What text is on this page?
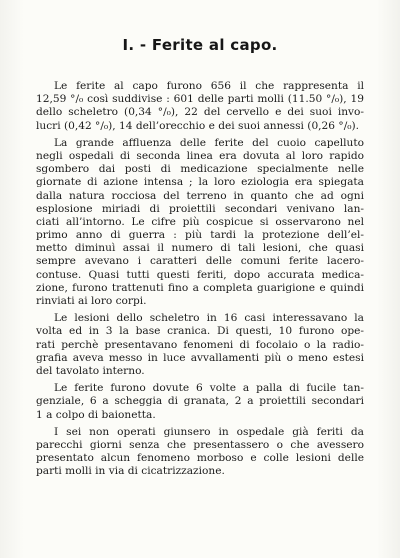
I. - Ferite al capo.
Le ferite al capo furono 656 il che rappresenta il
12,59 °/₀ così suddivise : 601 delle parti molli (11.50 °/₀), 19
dello scheletro (0,34 °/₀), 22 del cervello e dei suoi invo-
lucri (0,42 °/₀), 14 dell’orecchio e dei suoi annessi (0,26 °/₀).
La grande affluenza delle ferite del cuoio capelluto
negli ospedali di seconda linea era dovuta al loro rapido
sgombero dai posti di medicazione specialmente nelle
giornate di azione intensa ; la loro eziologia era spiegata
dalla natura rocciosa del terreno in quanto che ad ogni
esplosione miriadi di proiettili secondari venivano lan-
ciati all’intorno. Le cifre più cospicue si osservarono nel
primo anno di guerra : più tardi la protezione dell’el-
metto diminuì assai il numero di tali lesioni, che quasi
sempre avevano i caratteri delle comuni ferite lacero-
contuse. Quasi tutti questi feriti, dopo accurata medica-
zione, furono trattenuti fino a completa guarigione e quindi
rinviati ai loro corpi.
Le lesioni dello scheletro in 16 casi interessavano la
volta ed in 3 la base cranica. Di questi, 10 furono ope-
rati perchè presentavano fenomeni di focolaio o la radio-
grafia aveva messo in luce avvallamenti più o meno estesi
del tavolato interno.
Le ferite furono dovute 6 volte a palla di fucile tan-
genziale, 6 a scheggia di granata, 2 a proiettili secondari
1 a colpo di baionetta.
I sei non operati giunsero in ospedale già feriti da
parecchi giorni senza che presentassero o che avessero
presentato alcun fenomeno morboso e colle lesioni delle
parti molli in via di cicatrizzazione.
